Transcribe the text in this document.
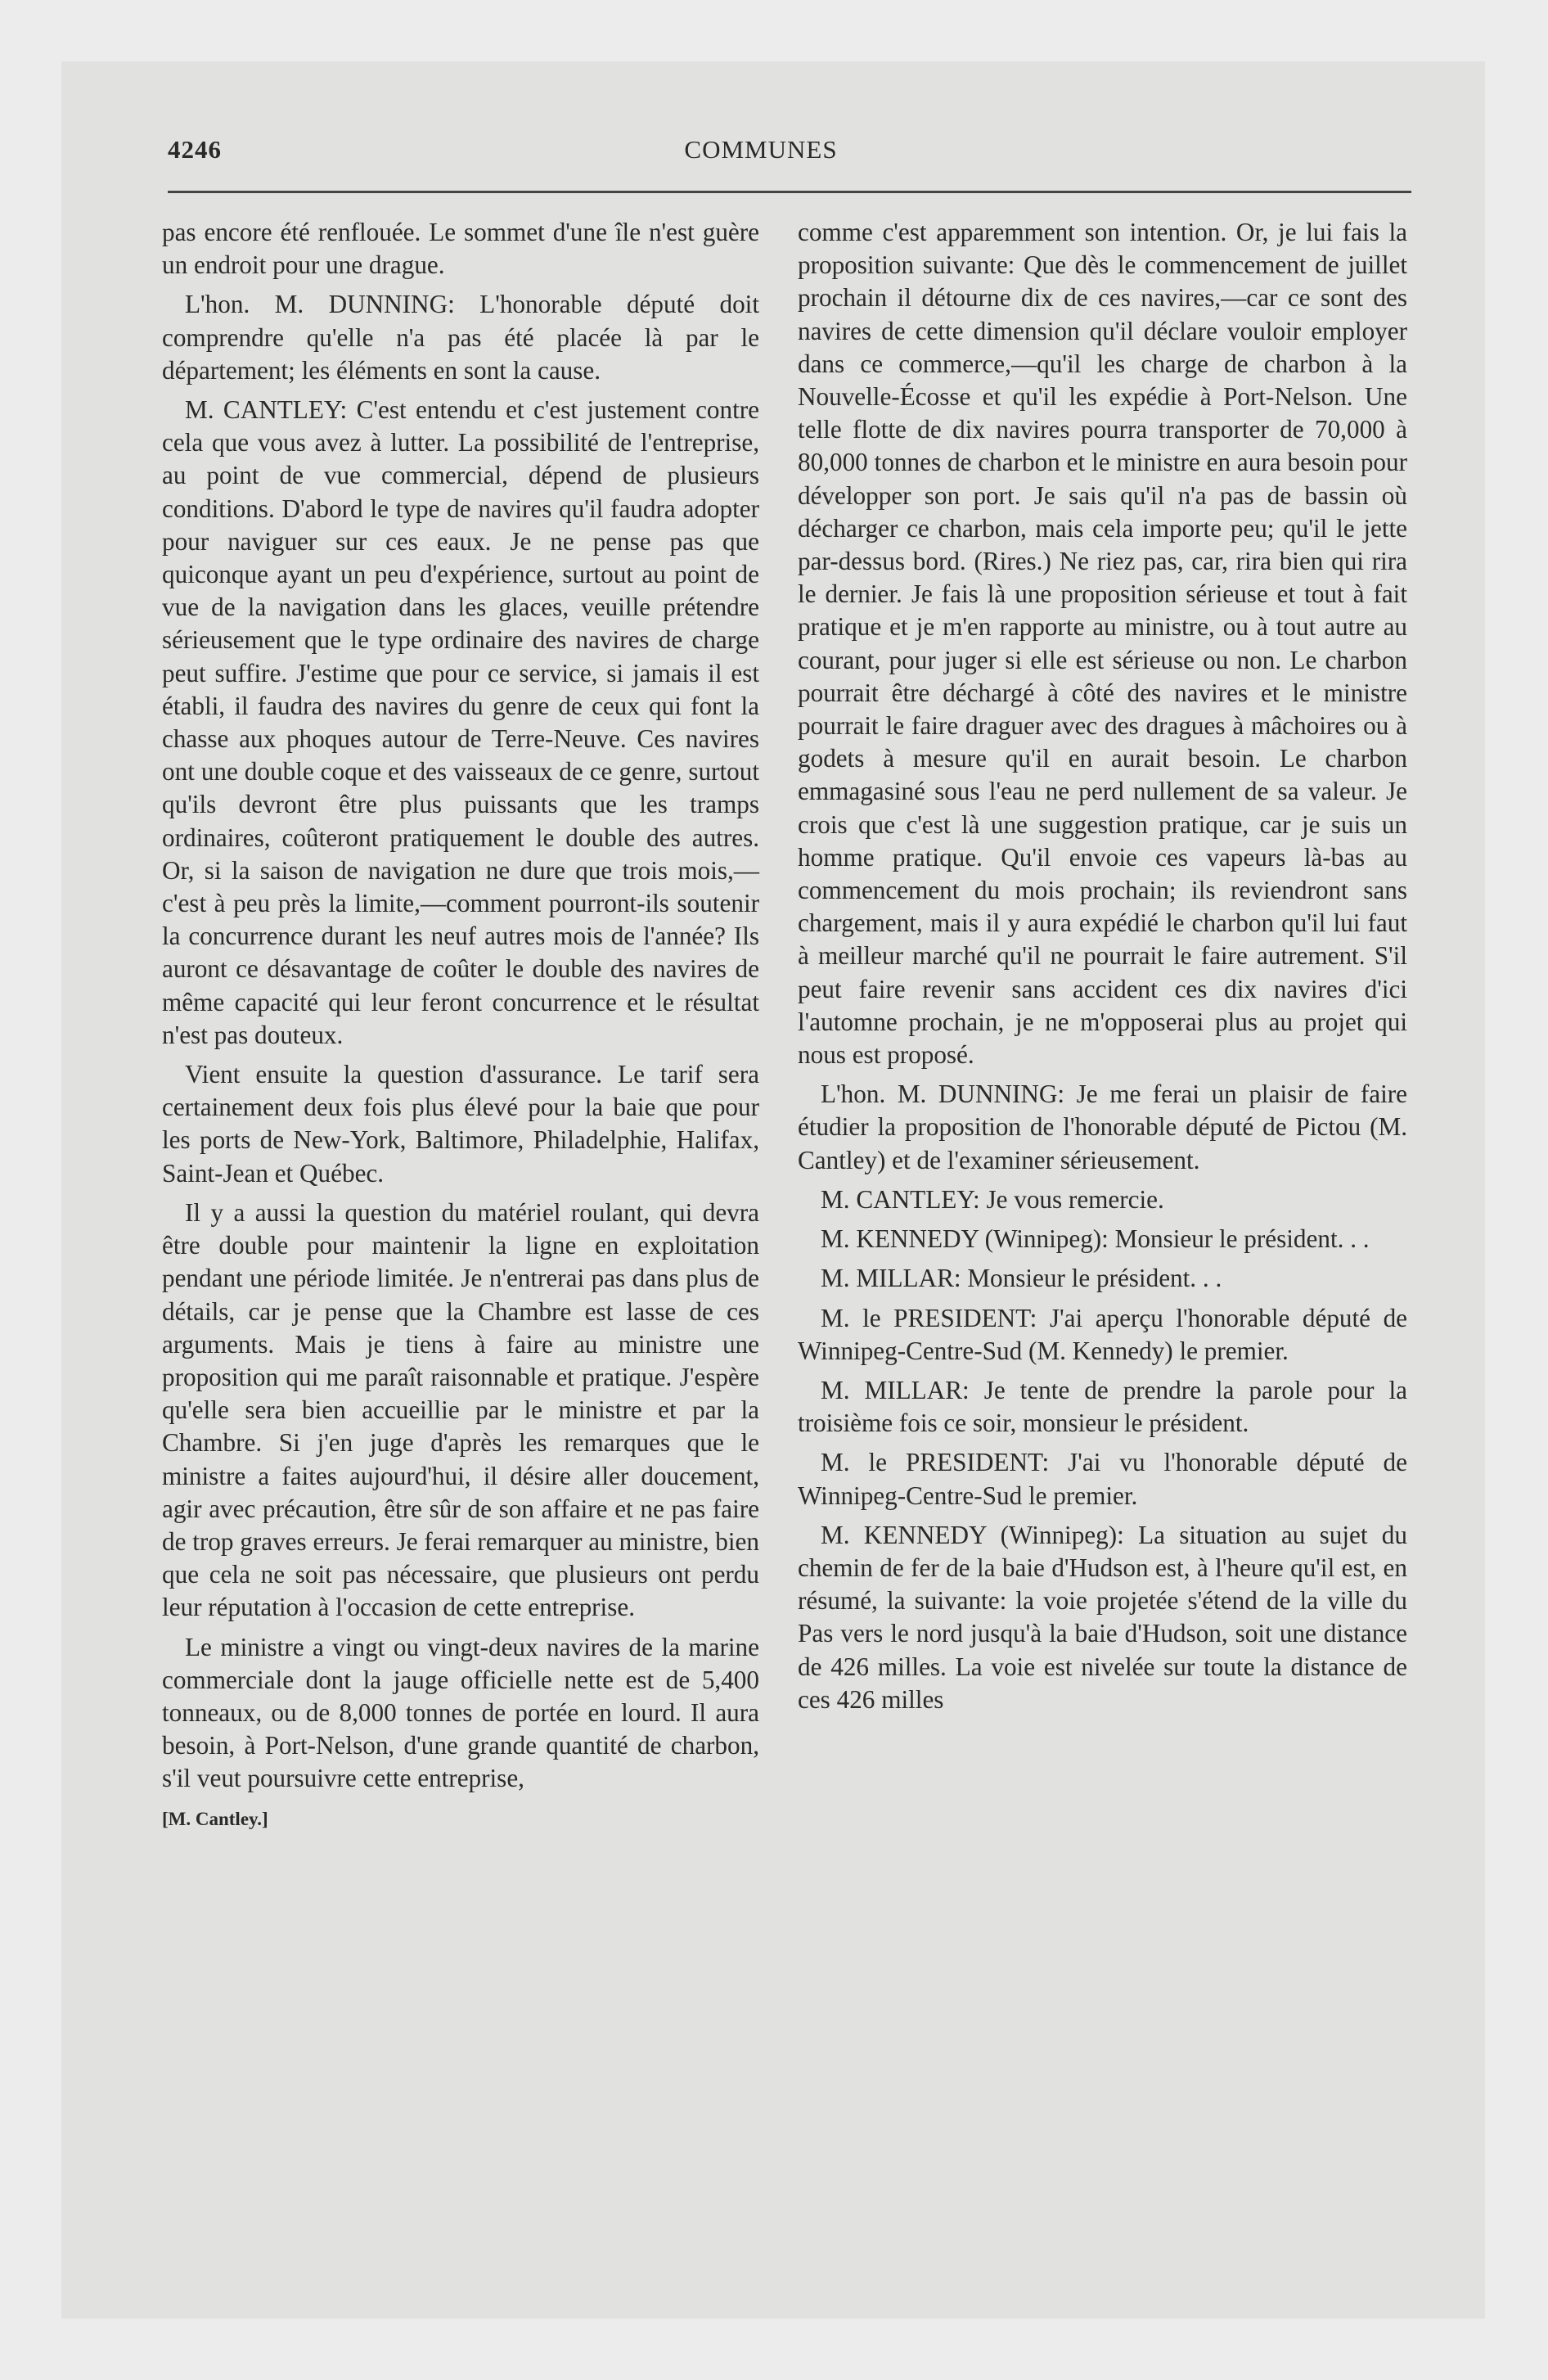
4246	COMMUNES

pas encore été renflouée. Le sommet d'une île n'est guère un endroit pour une drague.

L'hon. M. DUNNING: L'honorable député doit comprendre qu'elle n'a pas été placée là par le département; les éléments en sont la cause.

M. CANTLEY: C'est entendu et c'est justement contre cela que vous avez à lutter. La possibilité de l'entreprise, au point de vue commercial, dépend de plusieurs conditions. D'abord le type de navires qu'il faudra adopter pour naviguer sur ces eaux. Je ne pense pas que quiconque ayant un peu d'expérience, surtout au point de vue de la navigation dans les glaces, veuille prétendre sérieusement que le type ordinaire des navires de charge peut suffire. J'estime que pour ce service, si jamais il est établi, il faudra des navires du genre de ceux qui font la chasse aux phoques autour de Terre-Neuve. Ces navires ont une double coque et des vaisseaux de ce genre, surtout qu'ils devront être plus puissants que les tramps ordinaires, coûteront pratiquement le double des autres. Or, si la saison de navigation ne dure que trois mois,—c'est à peu près la limite,—comment pourront-ils soutenir la concurrence durant les neuf autres mois de l'année? Ils auront ce désavantage de coûter le double des navires de même capacité qui leur feront concurrence et le résultat n'est pas douteux.

Vient ensuite la question d'assurance. Le tarif sera certainement deux fois plus élevé pour la baie que pour les ports de New-York, Baltimore, Philadelphie, Halifax, Saint-Jean et Québec.

Il y a aussi la question du matériel roulant, qui devra être double pour maintenir la ligne en exploitation pendant une période limitée. Je n'entrerai pas dans plus de détails, car je pense que la Chambre est lasse de ces arguments. Mais je tiens à faire au ministre une proposition qui me paraît raisonnable et pratique. J'espère qu'elle sera bien accueillie par le ministre et par la Chambre. Si j'en juge d'après les remarques que le ministre a faites aujourd'hui, il désire aller doucement, agir avec précaution, être sûr de son affaire et ne pas faire de trop graves erreurs. Je ferai remarquer au ministre, bien que cela ne soit pas nécessaire, que plusieurs ont perdu leur réputation à l'occasion de cette entreprise.

Le ministre a vingt ou vingt-deux navires de la marine commerciale dont la jauge officielle nette est de 5,400 tonneaux, ou de 8,000 tonnes de portée en lourd. Il aura besoin, à Port-Nelson, d'une grande quantité de charbon, s'il veut poursuivre cette entreprise,

[M. Cantley.]

comme c'est apparemment son intention. Or, je lui fais la proposition suivante: Que dès le commencement de juillet prochain il détourne dix de ces navires,—car ce sont des navires de cette dimension qu'il déclare vouloir employer dans ce commerce,—qu'il les charge de charbon à la Nouvelle-Écosse et qu'il les expédie à Port-Nelson. Une telle flotte de dix navires pourra transporter de 70,000 à 80,000 tonnes de charbon et le ministre en aura besoin pour développer son port. Je sais qu'il n'a pas de bassin où décharger ce charbon, mais cela importe peu; qu'il le jette par-dessus bord. (Rires.) Ne riez pas, car, rira bien qui rira le dernier. Je fais là une proposition sérieuse et tout à fait pratique et je m'en rapporte au ministre, ou à tout autre au courant, pour juger si elle est sérieuse ou non. Le charbon pourrait être déchargé à côté des navires et le ministre pourrait le faire draguer avec des dragues à mâchoires ou à godets à mesure qu'il en aurait besoin. Le charbon emmagasiné sous l'eau ne perd nullement de sa valeur. Je crois que c'est là une suggestion pratique, car je suis un homme pratique. Qu'il envoie ces vapeurs là-bas au commencement du mois prochain; ils reviendront sans chargement, mais il y aura expédié le charbon qu'il lui faut à meilleur marché qu'il ne pourrait le faire autrement. S'il peut faire revenir sans accident ces dix navires d'ici l'automne prochain, je ne m'opposerai plus au projet qui nous est proposé.

L'hon. M. DUNNING: Je me ferai un plaisir de faire étudier la proposition de l'honorable député de Pictou (M. Cantley) et de l'examiner sérieusement.

M. CANTLEY: Je vous remercie.

M. KENNEDY (Winnipeg): Monsieur le président. . .

M. MILLAR: Monsieur le président. . .

M. le PRESIDENT: J'ai aperçu l'honorable député de Winnipeg-Centre-Sud (M. Kennedy) le premier.

M. MILLAR: Je tente de prendre la parole pour la troisième fois ce soir, monsieur le président.

M. le PRESIDENT: J'ai vu l'honorable député de Winnipeg-Centre-Sud le premier.

M. KENNEDY (Winnipeg): La situation au sujet du chemin de fer de la baie d'Hudson est, à l'heure qu'il est, en résumé, la suivante: la voie projetée s'étend de la ville du Pas vers le nord jusqu'à la baie d'Hudson, soit une distance de 426 milles. La voie est nivelée sur toute la distance de ces 426 milles
